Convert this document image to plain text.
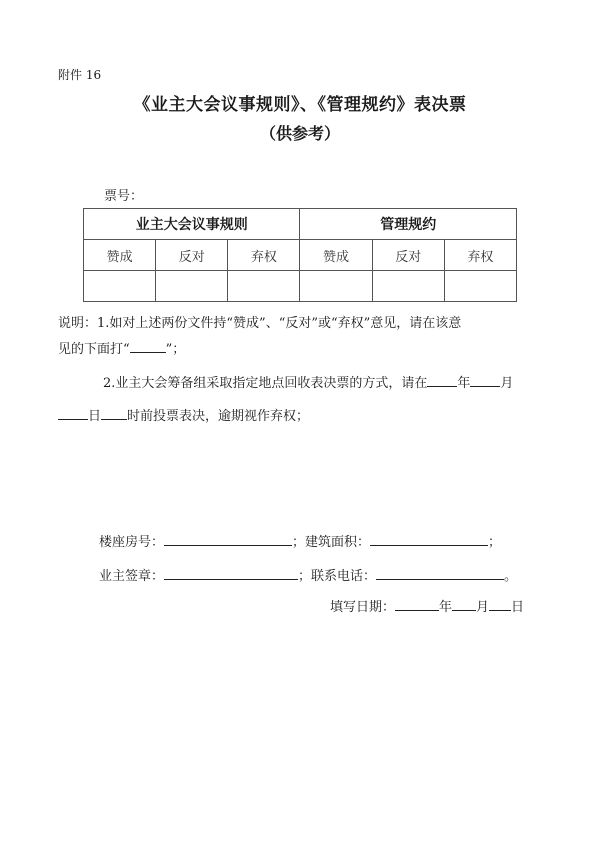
附件 16
《业主大会议事规则》、《管理规约》表决票
（供参考）
票号：
业主大会议事规则			管理规约		
赞成	反对	弃权	赞成	反对	弃权

说明：1.如对上述两份文件持“赞成”、“反对”或“弃权”意见，请在该意
见的下面打“	”；
2.业主大会筹备组采取指定地点回收表决票的方式，请在 年 月
日 时前投票表决，逾期视作弃权；
楼座房号：	；建筑面积：	；
业主签章：	；联系电话：	。
填写日期：	年 月 日
